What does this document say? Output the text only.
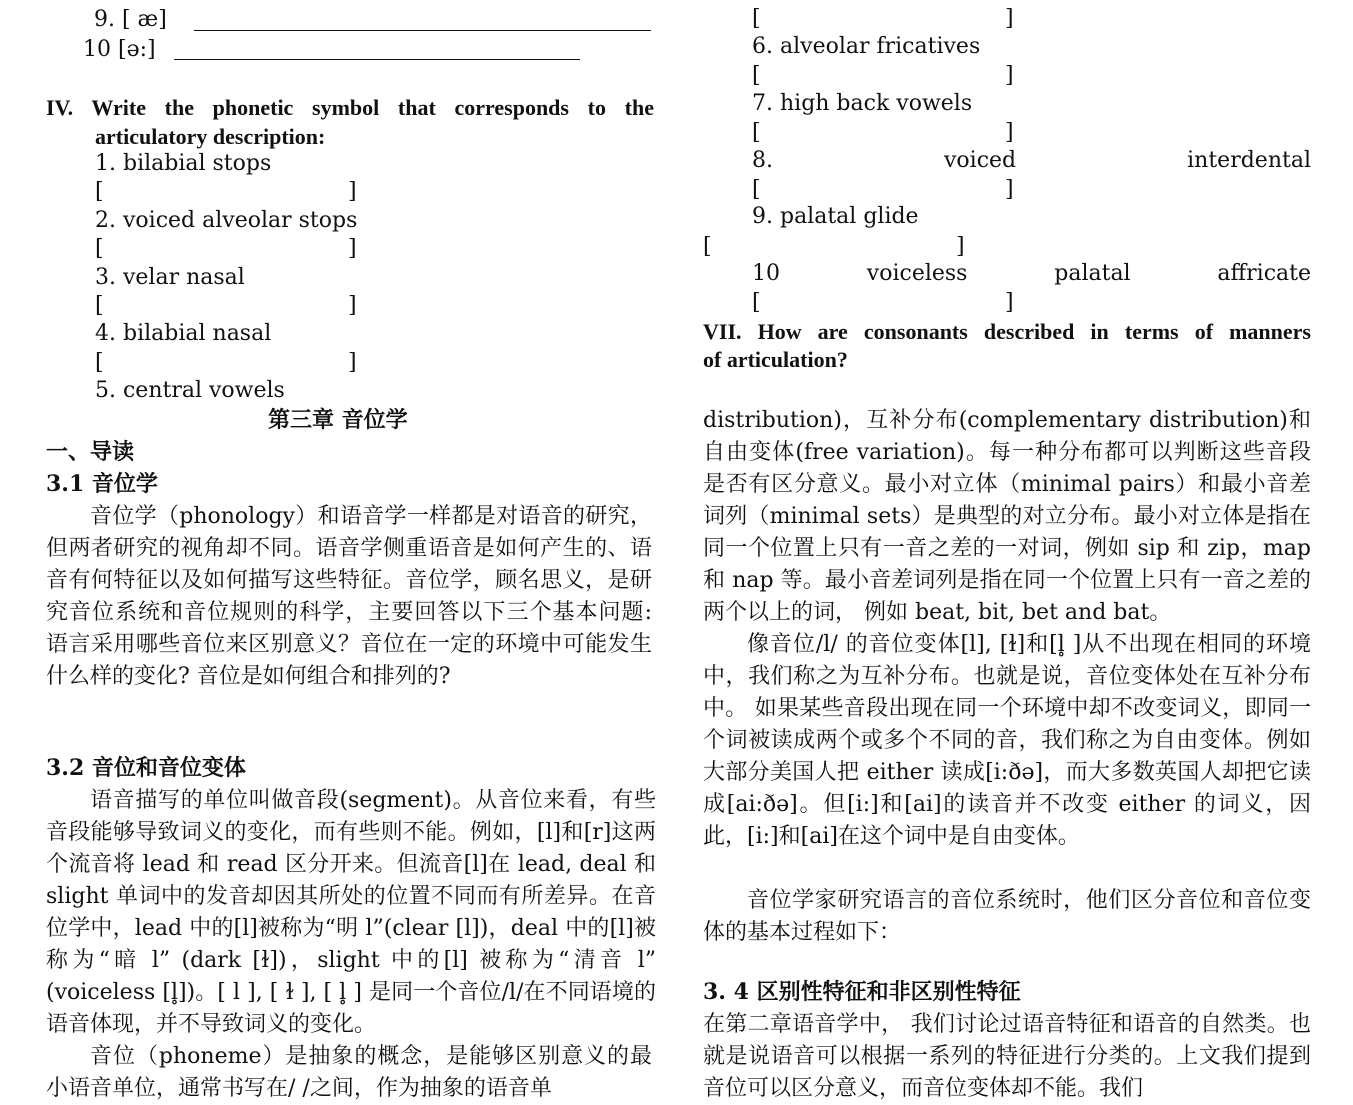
9. [ æ]
10 [ə:]
IV. Write the phonetic symbol that corresponds to the
articulatory description:
1. bilabial stops
[	]
2. voiced alveolar stops
[	]
3. velar nasal
[	]
4. bilabial nasal
[	]
5. central vowels
第三章 音位学
一、导读
3.1 音位学

音位学（phonology）和语音学一样都是对语音的研究，但两者研究的视角却不同。语音学侧重语音是如何产生的、语音有何特征以及如何描写这些特征。音位学，顾名思义，是研究音位系统和音位规则的科学，主要回答以下三个基本问题: 语言采用哪些音位来区别意义？音位在一定的环境中可能发生什么样的变化? 音位是如何组合和排列的?

3.2 音位和音位变体

语音描写的单位叫做音段(segment)。从音位来看，有些音段能够导致词义的变化，而有些则不能。例如，[l]和[r]这两个流音将 lead 和 read 区分开来。但流音[l]在 lead, deal 和 slight 单词中的发音却因其所处的位置不同而有所差异。在音位学中，lead 中的[l]被称为“明 l”(clear [l])，deal 中的[l]被称为“暗 l” (dark [ɫ])，slight 中的[l] 被称为“清音 l” (voiceless [l̥])。[ l ], [ ɫ ], [ l̥ ] 是同一个音位/l/在不同语境的语音体现，并不导致词义的变化。

音位（phoneme）是抽象的概念，是能够区别意义的最小语音单位，通常书写在/ /之间，作为抽象的语音单

[	]
6. alveolar fricatives
[	]
7. high back vowels
[	]
8.	voiced	interdental
[	]
9. palatal glide
[	]
10	voiceless	palatal	affricate
[	]
VII. How are consonants described in terms of manners
of articulation?

distribution)，互补分布(complementary distribution)和自由变体(free variation)。每一种分布都可以判断这些音段是否有区分意义。最小对立体（minimal pairs）和最小音差词列（minimal sets）是典型的对立分布。最小对立体是指在同一个位置上只有一音之差的一对词，例如 sip 和 zip，map 和 nap 等。最小音差词列是指在同一个位置上只有一音之差的两个以上的词， 例如 beat, bit, bet and bat。

像音位/l/ 的音位变体[l], [ɫ]和[l̥ ]从不出现在相同的环境中，我们称之为互补分布。也就是说，音位变体处在互补分布中。 如果某些音段出现在同一个环境中却不改变词义，即同一个词被读成两个或多个不同的音，我们称之为自由变体。例如大部分美国人把 either 读成[i:ðə]，而大多数英国人却把它读成[ai:ðə]。但[i:]和[ai]的读音并不改变 either 的词义，因此，[i:]和[ai]在这个词中是自由变体。

音位学家研究语言的音位系统时，他们区分音位和音位变体的基本过程如下：

3. 4 区别性特征和非区别性特征

在第二章语音学中， 我们讨论过语音特征和语音的自然类。也就是说语音可以根据一系列的特征进行分类的。上文我们提到音位可以区分意义，而音位变体却不能。我们
